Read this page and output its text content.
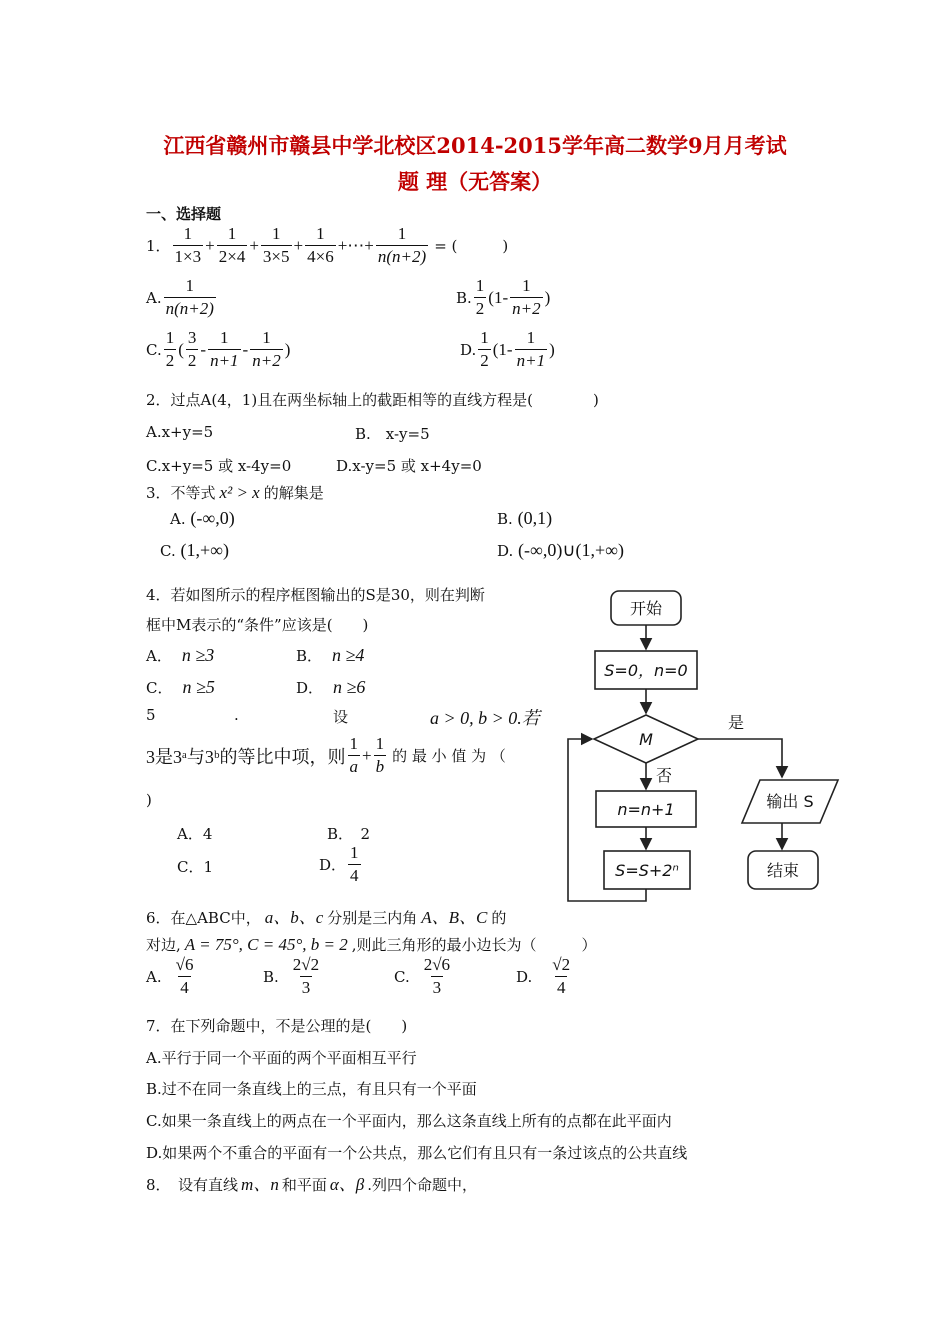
江西省赣州市赣县中学北校区2014-2015学年高二数学9月月考试
题 理（无答案）
一、选择题
1． $\frac{1}{1\times 3} + \frac{1}{2\times 4} + \frac{1}{3\times 5} + \frac{1}{4\times 6}$ +⋯+ $\frac{1}{n(n+2)}$ = (　　　)
A. $\frac{1}{n(n+2)}$	B. $\frac{1}{2} (1- \frac{1}{n+2}$ )
C. $\frac{1}{2}$ ( $\frac{3}{2} - \frac{1}{n+1} - \frac{1}{n+2}$ )	D. $\frac{1}{2} (1- \frac{1}{n+1}$ )
2．过点A(4，1)且在两坐标轴上的截距相等的直线方程是(　　　　)
A.x+y=5	B.　x-y=5
C.x+y=5 或 x-4y=0	D.x-y=5 或 x+4y=0
3．不等式 x² > x 的解集是
A. (-∞,0)	B. (0,1)
C. (1,+∞)	D. (-∞,0)∪(1,+∞)
4．若如图所示的程序框图输出的S是30，则在判断
框中M表示的“条件”应该是(　　)
A． n ≥3	B． n ≥4
C． n ≥5	D． n ≥6
5	.	设	a > 0, b > 0.若
3是3ᵃ与3ᵇ的等比中项，则 $\frac{1}{a} + \frac{1}{b}$ 的 最 小 值 为 （
)
A．4	B．　2
C．1	D． $\frac{1}{4}$
6．在△ABC中， a、b、c 分别是三内角 A、B、C 的
对边, A = 75°, C = 45°, b = 2 ,则此三角形的最小边长为（　　　）
A. $\frac{√6}{4}$	B. $\frac{2√2}{3}$	C. $\frac{2√6}{3}$	D. $\frac{√2}{4}$
7．在下列命题中，不是公理的是(　　)
A.平行于同一个平面的两个平面相互平行
B.过不在同一条直线上的三点，有且只有一个平面
C.如果一条直线上的两点在一个平面内，那么这条直线上所有的点都在此平面内
D.如果两个不重合的平面有一个公共点，那么它们有且只有一条过该点的公共直线
8．　设有直线 m、n 和平面 α、β .列四个命题中，
开始
S=0，n=0
M
是
否
n=n+1
S=S+2ⁿ
输出 S
结束
